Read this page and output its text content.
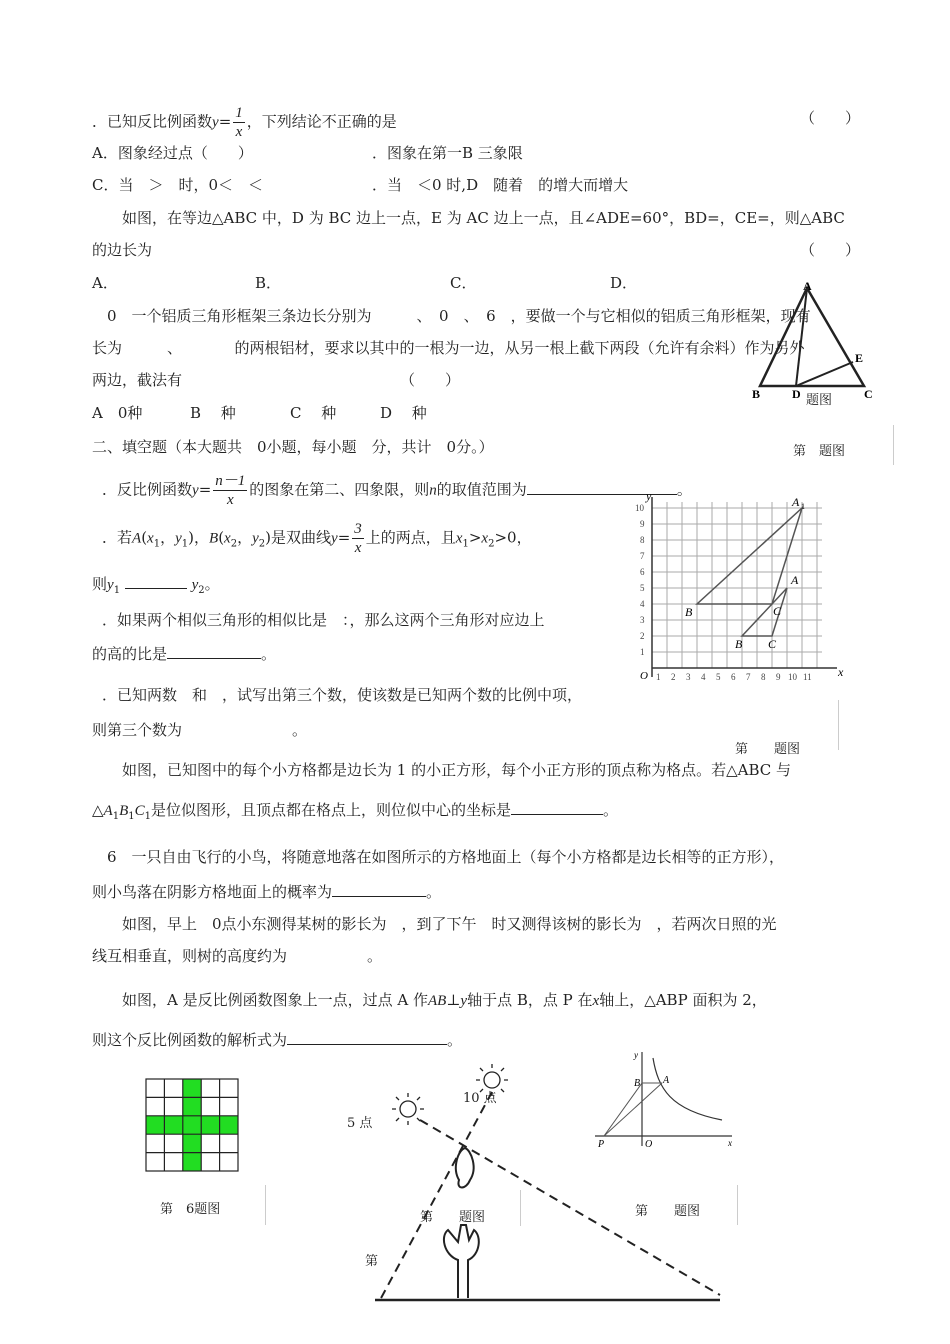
．已知反比例函数$y= \frac{1}{x}$ ，下列结论不正确的是	（　　）
A．图象经过点（　　）	．图象在第一B 三象限
C．当　＞　时，0＜　＜	．当　＜0 时,D　随着　的增大而增大
如图，在等边△ABC 中，D 为 BC 边上一点，E 为 AC 边上一点，且∠ADE=60°，BD=，CE=，则△ABC
的边长为	（　　）
A．	B．	C．	D．	A
B	C
D
E
题图
0　一个铝质三角形框架三条边长分别为　　　、　0　、　6　，要做一个与它相似的铝质三角形框架，现有
长为　　　、　　　　的两根铝材，要求以其中的一根为一边，从另一根上截下两段（允许有余料）作为另外
两边，截法有	（　　）
A　0种	B　 种	C　 种	D　 种
二、填空题（本大题共　0小题，每小题　分，共计　0分。）	第　题图
．反比例函数$y= \frac{n-1}{x}$ 的图象在第二、四象限，则n的取值范围为	。
．若$A(x_1$，$y_1$)，$B(x_2$，$y_2$)是双曲线$y= \frac{3}{x}$ 上的两点，且$x_1>x_2>0$，
则$y_1$	$y_2$。
1 2 3 4 5 6 7 8 9 10 11
1
2
3
4
5
6
7
8
9
10
O	x
y	A 1
B	C
A
B C
．如果两个相似三角形的相似比是　：，那么这两个三角形对应边上
的高的比是	。
．已知两数　和　，试写出第三个数，使该数是已知两个数的比例中项，
则第三个数为	。
第　　题图
如图，已知图中的每个小方格都是边长为 1 的小正方形，每个小正方形的顶点称为格点。若△ABC 与
$\triangle A_1B_1C_1$是位似图形，且顶点都在格点上，则位似中心的坐标是	。
6　一只自由飞行的小鸟，将随意地落在如图所示的方格地面上（每个小方格都是边长相等的正方形），
则小鸟落在阴影方格地面上的概率为	。
如图，早上　0点小东测得某树的影长为　，到了下午　时又测得该树的影长为　，若两次日照的光
线互相垂直，则树的高度约为	。
如图，A 是反比例函数图象上一点，过点 A 作AB⊥y轴于点 B，点 P 在x轴上，△ABP 面积为 2，
则这个反比例函数的解析式为	。
第　6题图
5 点
10 点
第　　题图
第
y
B A
P	O	x
第　　题图
